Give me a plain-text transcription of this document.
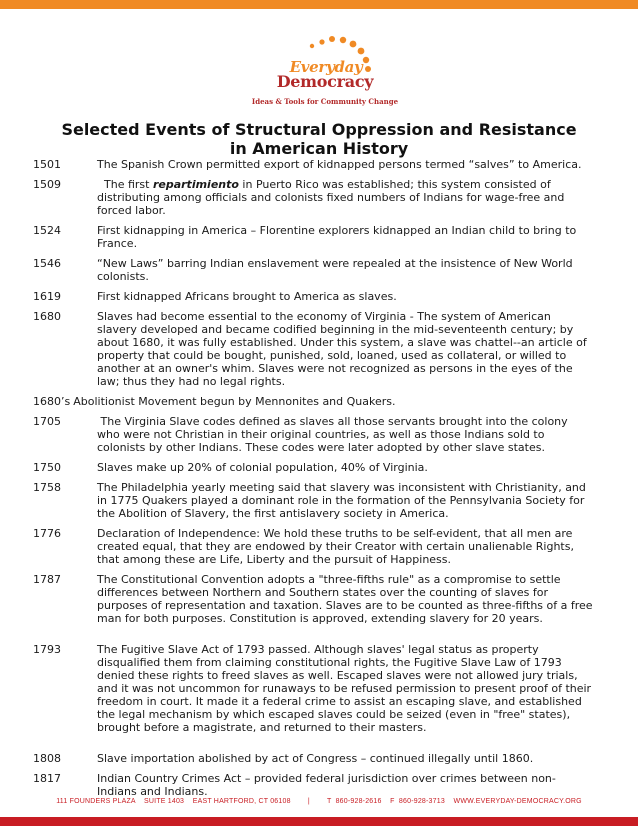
Everyday
Democracy
Ideas & Tools for Community Change
Selected Events of Structural Oppression and Resistance
in American History
1501	The Spanish Crown permitted export of kidnapped persons termed “salves” to America.
1509	The first repartimiento in Puerto Rico was established; this system consisted of distributing among officials and colonists fixed numbers of Indians for wage-free and forced labor.
1524	First kidnapping in America – Florentine explorers kidnapped an Indian child to bring to France.
1546	“New Laws” barring Indian enslavement were repealed at the insistence of New World colonists.
1619	First kidnapped Africans brought to America as slaves.
1680	Slaves had become essential to the economy of Virginia - The system of American slavery developed and became codified beginning in the mid-seventeenth century; by about 1680, it was fully established. Under this system, a slave was chattel--an article of property that could be bought, punished, sold, loaned, used as collateral, or willed to another at an owner's whim. Slaves were not recognized as persons in the eyes of the law; thus they had no legal rights.
1680’s Abolitionist Movement begun by Mennonites and Quakers.
1705	The Virginia Slave codes defined as slaves all those servants brought into the colony who were not Christian in their original countries, as well as those Indians sold to colonists by other Indians. These codes were later adopted by other slave states.
1750	Slaves make up 20% of colonial population, 40% of Virginia.
1758	The Philadelphia yearly meeting said that slavery was inconsistent with Christianity, and in 1775 Quakers played a dominant role in the formation of the Pennsylvania Society for the Abolition of Slavery, the first antislavery society in America.
1776	Declaration of Independence: We hold these truths to be self-evident, that all men are created equal, that they are endowed by their Creator with certain unalienable Rights, that among these are Life, Liberty and the pursuit of Happiness.
1787	The Constitutional Convention adopts a "three-fifths rule" as a compromise to settle differences between Northern and Southern states over the counting of slaves for purposes of representation and taxation. Slaves are to be counted as three-fifths of a free man for both purposes. Constitution is approved, extending slavery for 20 years.
1793	The Fugitive Slave Act of 1793 passed. Although slaves' legal status as property disqualified them from claiming constitutional rights, the Fugitive Slave Law of 1793 denied these rights to freed slaves as well. Escaped slaves were not allowed jury trials, and it was not uncommon for runaways to be refused permission to present proof of their freedom in court. It made it a federal crime to assist an escaping slave, and established the legal mechanism by which escaped slaves could be seized (even in "free" states), brought before a magistrate, and returned to their masters.
1808	Slave importation abolished by act of Congress – continued illegally until 1860.
1817	Indian Country Crimes Act – provided federal jurisdiction over crimes between non-Indians and Indians.
111 FOUNDERS PLAZA    SUITE 1403    EAST HARTFORD, CT 06108 | T  860-928-2616 F  860-928-3713 WWW.EVERYDAY-DEMOCRACY.ORG
